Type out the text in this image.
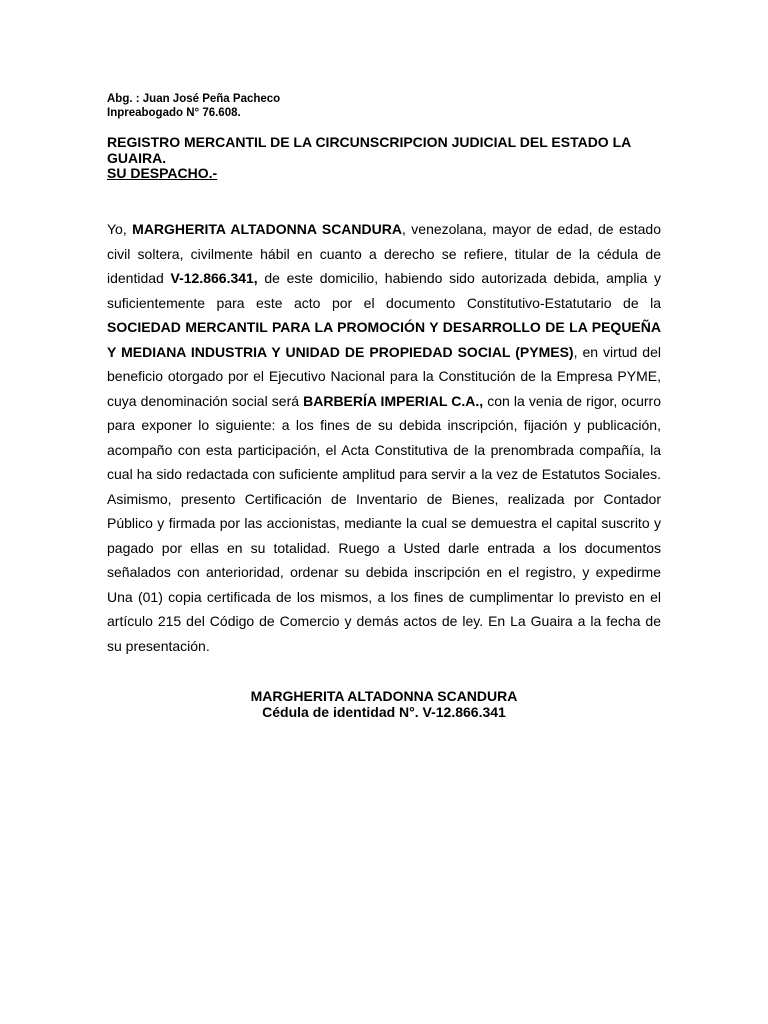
Abg. : Juan José Peña Pacheco
Inpreabogado N° 76.608.
REGISTRO MERCANTIL DE LA CIRCUNSCRIPCION JUDICIAL DEL ESTADO LA GUAIRA.
SU DESPACHO.-
Yo, MARGHERITA ALTADONNA SCANDURA, venezolana, mayor de edad, de estado civil soltera, civilmente hábil en cuanto a derecho se refiere, titular de la cédula de identidad V-12.866.341, de este domicilio, habiendo sido autorizada debida, amplia y suficientemente para este acto por el documento Constitutivo-Estatutario de la SOCIEDAD MERCANTIL PARA LA PROMOCIÓN Y DESARROLLO DE LA PEQUEÑA Y MEDIANA INDUSTRIA Y UNIDAD DE PROPIEDAD SOCIAL (PYMES), en virtud del beneficio otorgado por el Ejecutivo Nacional para la Constitución de la Empresa PYME, cuya denominación social será BARBERÍA IMPERIAL C.A., con la venia de rigor, ocurro para exponer lo siguiente: a los fines de su debida inscripción, fijación y publicación, acompaño con esta participación, el Acta Constitutiva de la prenombrada compañía, la cual ha sido redactada con suficiente amplitud para servir a la vez de Estatutos Sociales. Asimismo, presento Certificación de Inventario de Bienes, realizada por Contador Público y firmada por las accionistas, mediante la cual se demuestra el capital suscrito y pagado por ellas en su totalidad. Ruego a Usted darle entrada a los documentos señalados con anterioridad, ordenar su debida inscripción en el registro, y expedirme Una (01) copia certificada de los mismos, a los fines de cumplimentar lo previsto en el artículo 215 del Código de Comercio y demás actos de ley. En La Guaira a la fecha de su presentación.
MARGHERITA ALTADONNA SCANDURA
Cédula de identidad N°. V-12.866.341
